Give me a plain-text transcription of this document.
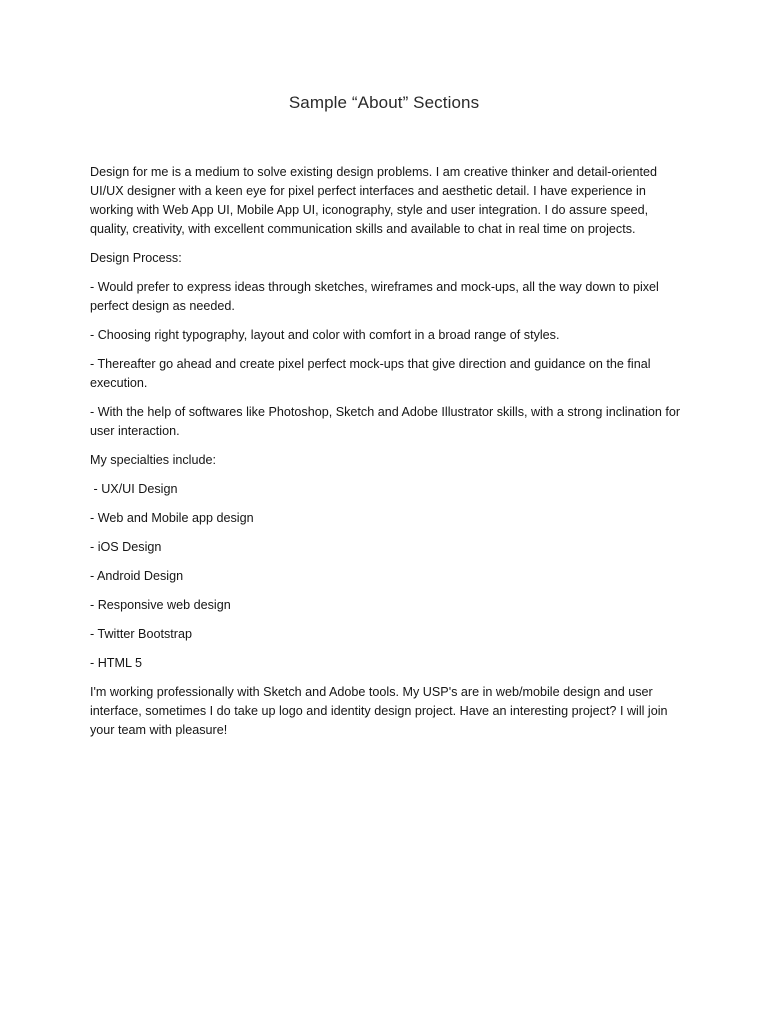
Sample “About” Sections

Design for me is a medium to solve existing design problems. I am creative thinker and detail-oriented UI/UX designer with a keen eye for pixel perfect interfaces and aesthetic detail. I have experience in working with Web App UI, Mobile App UI, iconography, style and user integration. I do assure speed, quality, creativity, with excellent communication skills and available to chat in real time on projects.

Design Process:

- Would prefer to express ideas through sketches, wireframes and mock-ups, all the way down to pixel perfect design as needed.

- Choosing right typography, layout and color with comfort in a broad range of styles.

- Thereafter go ahead and create pixel perfect mock-ups that give direction and guidance on the final execution.

- With the help of softwares like Photoshop, Sketch and Adobe Illustrator skills, with a strong inclination for user interaction.

My specialties include:

- UX/UI Design

- Web and Mobile app design

- iOS Design

- Android Design

- Responsive web design

- Twitter Bootstrap

- HTML 5

I'm working professionally with Sketch and Adobe tools. My USP's are in web/mobile design and user interface, sometimes I do take up logo and identity design project. Have an interesting project? I will join your team with pleasure!
